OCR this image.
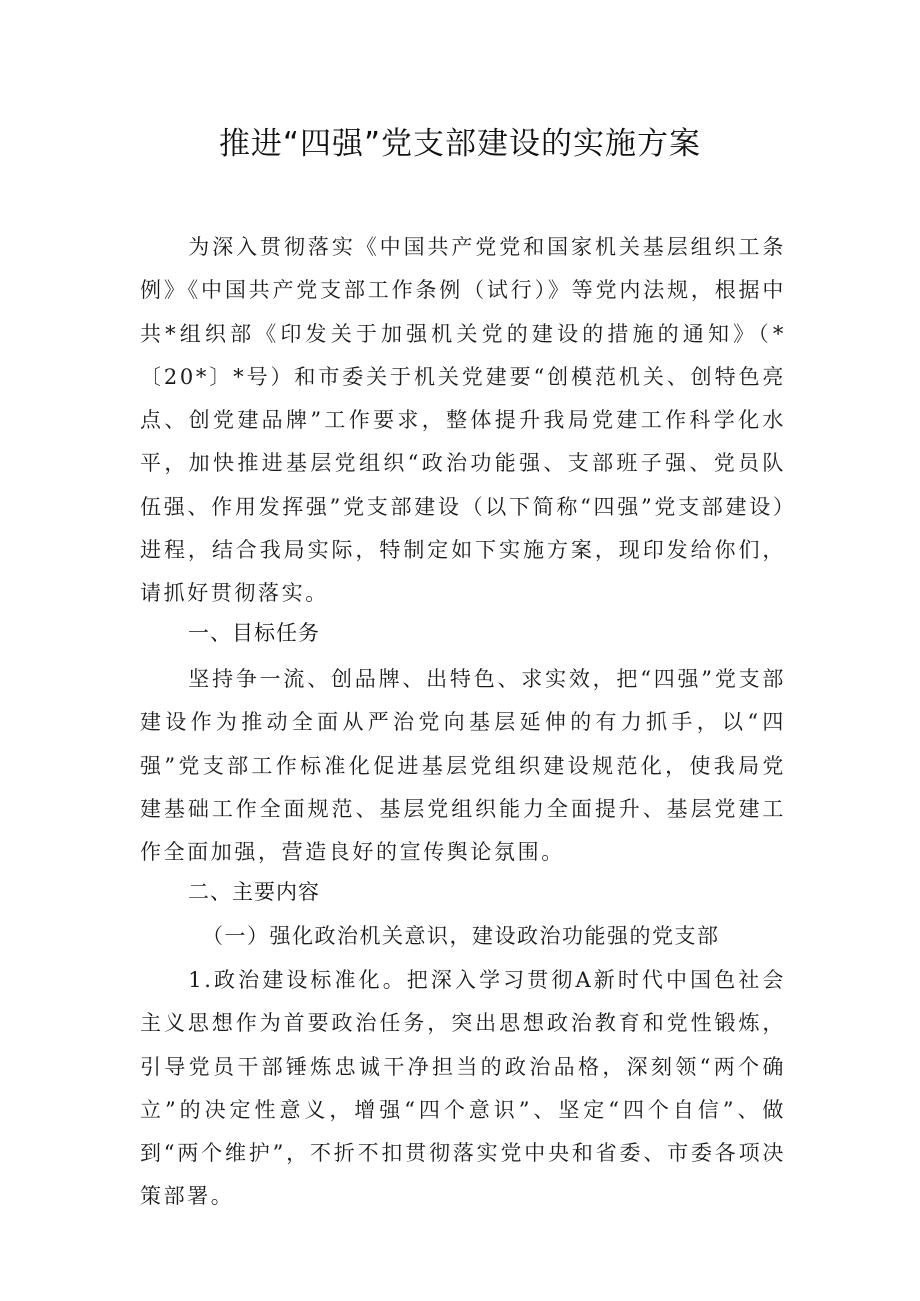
推进“四强”党支部建设的实施方案

为深入贯彻落实《中国共产党党和国家机关基层组织工条例》《中国共产党支部工作条例（试行）》等党内法规，根据中共*组织部《印发关于加强机关党的建设的措施的通知》（*〔20*〕*号）和市委关于机关党建要“创模范机关、创特色亮点、创党建品牌”工作要求，整体提升我局党建工作科学化水平，加快推进基层党组织“政治功能强、支部班子强、党员队伍强、作用发挥强”党支部建设（以下简称“四强”党支部建设）进程，结合我局实际，特制定如下实施方案，现印发给你们，请抓好贯彻落实。

一、目标任务

坚持争一流、创品牌、出特色、求实效，把“四强”党支部建设作为推动全面从严治党向基层延伸的有力抓手，以“四强”党支部工作标准化促进基层党组织建设规范化，使我局党建基础工作全面规范、基层党组织能力全面提升、基层党建工作全面加强，营造良好的宣传舆论氛围。

二、主要内容
（一）强化政治机关意识，建设政治功能强的党支部

1.政治建设标准化。把深入学习贯彻A新时代中国色社会主义思想作为首要政治任务，突出思想政治教育和党性锻炼，引导党员干部锤炼忠诚干净担当的政治品格，深刻领“两个确立”的决定性意义，增强“四个意识”、坚定“四个自信”、做到“两个维护”，不折不扣贯彻落实党中央和省委、市委各项决策部署。
